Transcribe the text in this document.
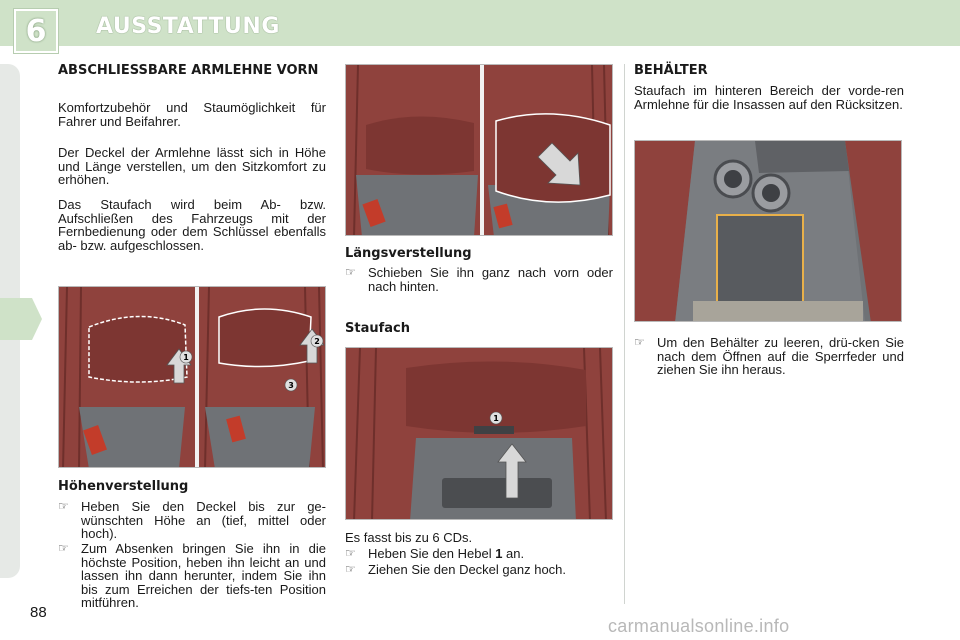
6 AUSSTATTUNG
ABSCHLIESSBARE ARMLEHNE VORN
Komfortzubehör und Staumöglichkeit für Fahrer und Beifahrer.
Der Deckel der Armlehne lässt sich in Höhe und Länge verstellen, um den Sitzkomfort zu erhöhen.
Das Staufach wird beim Ab- bzw. Aufschließen des Fahrzeugs mit der Fernbedienung oder dem Schlüssel ebenfalls ab- bzw. aufgeschlossen.
1
2
3
Höhenverstellung
☞ Heben Sie den Deckel bis zur ge-wünschten Höhe an (tief, mittel oder hoch).
☞ Zum Absenken bringen Sie ihn in die höchste Position, heben ihn leicht an und lassen ihn dann herunter, indem Sie ihn bis zum Erreichen der tiefs-ten Position mitführen.
Längsverstellung
☞ Schieben Sie ihn ganz nach vorn oder nach hinten.
Staufach
1
Es fasst bis zu 6 CDs.
☞ Heben Sie den Hebel 1 an.
☞ Ziehen Sie den Deckel ganz hoch.
BEHÄLTER
Staufach im hinteren Bereich der vorde-ren Armlehne für die Insassen auf den Rücksitzen.
☞ Um den Behälter zu leeren, drü-cken Sie nach dem Öffnen auf die Sperrfeder und ziehen Sie ihn heraus.
88
carmanualsonline.info
